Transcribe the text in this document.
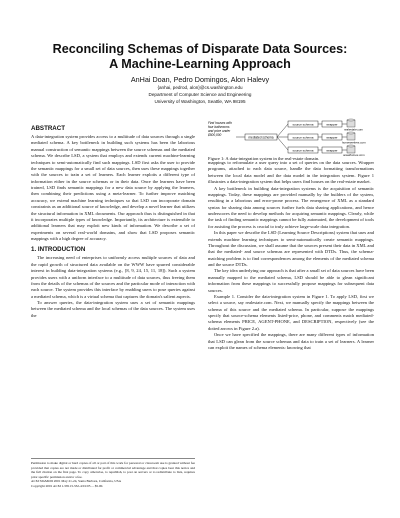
Reconciling Schemas of Disparate Data Sources:
A Machine-Learning Approach
AnHai Doan, Pedro Domingos, Alon Halevy
{anhai, pedrod, alon}@cs.washington.edu
Department of Computer Science and Engineering
University of Washington, Seattle, WA 98195
ABSTRACT

A data-integration system provides access to a multitude of data sources through a single mediated schema. A key bottleneck in building such systems has been the laborious manual construction of semantic mappings between the source schemas and the mediated schema. We describe LSD, a system that employs and extends current machine-learning techniques to semi-automatically find such mappings. LSD first asks the user to provide the semantic mappings for a small set of data sources, then uses these mappings together with the sources to train a set of learners. Each learner exploits a different type of information either in the source schemas or in their data. Once the learners have been trained, LSD finds semantic mappings for a new data source by applying the learners, then combining their predictions using a meta-learner. To further improve matching accuracy, we extend machine learning techniques so that LSD can incorporate domain constraints as an additional source of knowledge, and develop a novel learner that utilizes the structural information in XML documents. Our approach thus is distinguished in that it incorporates multiple types of knowledge. Importantly, its architecture is extensible to additional learners that may exploit new kinds of information. We describe a set of experiments on several real-world domains, and show that LSD proposes semantic mappings with a high degree of accuracy.

1. INTRODUCTION

The increasing need of enterprises to uniformly access multiple sources of data and the rapid growth of structured data available on the WWW have spurred considerable interest in building data-integration systems (e.g., [8, 9, 24, 15, 11, 18]). Such a system provides users with a uniform interface to a multitude of data sources, thus freeing them from the details of the schemas of the sources and the particular mode of interaction with each source. The system provides this interface by enabling users to pose queries against a mediated schema, which is a virtual schema that captures the domain's salient aspects.

To answer queries, the data-integration system uses a set of semantic mappings between the mediated schema and the local schemas of the data sources. The system uses the

Permission to make digital or hard copies of all or part of this work for personal or classroom use is granted without fee provided that copies are not made or distributed for profit or commercial advantage and that copies bear this notice and the full citation on the first page. To copy otherwise, to republish, to post on servers or to redistribute to lists, requires prior specific permission and/or a fee.
ACM SIGMOD 2001 May 21-24, Santa Barbara, California, USA
Copyright 2001 ACM 1-58113-332-4/01/05 ... $5.00.
Find houses with four bathrooms and price under $500,000
mediated schema
source schema
source schema
source schema
wrapper
wrapper
wrapper
realestate.com
homeseekers.com
greathomes.com
Figure 1: A data-integration system in the real-estate domain.

mappings to reformulate a user query into a set of queries on the data sources. Wrapper programs, attached to each data source, handle the data formatting transformations between the local data model and the data model in the integration system. Figure 1 illustrates a data-integration system that helps users find houses on the real-estate market.

A key bottleneck in building data-integration systems is the acquisition of semantic mappings. Today, these mappings are provided manually by the builders of the system, resulting in a laborious and error-prone process. The emergence of XML as a standard syntax for sharing data among sources further fuels data sharing applications, and hence underscores the need to develop methods for acquiring semantic mappings. Clearly, while the task of finding semantic mappings cannot be fully automated, the development of tools for assisting the process is crucial to truly achieve large-scale data integration.

In this paper we describe the LSD (Learning Source Descriptions) system that uses and extends machine learning techniques to semi-automatically create semantic mappings. Throughout the discussion, we shall assume that the sources present their data in XML and that the mediated- and source schemas are represented with DTDs. Thus, the schema-matching problem is to find correspondences among the elements of the mediated schema and the source DTDs.

The key idea underlying our approach is that after a small set of data sources have been manually mapped to the mediated schema, LSD should be able to glean significant information from these mappings to successfully propose mappings for subsequent data sources.

Example 1. Consider the data-integration system in Figure 1. To apply LSD, first we select a source, say realestate.com. Next, we manually specify the mappings between the schema of this source and the mediated schema. In particular, suppose the mappings specify that source-schema elements listed-price, phone, and comments match mediated-schema elements PRICE, AGENT-PHONE, and DESCRIPTION, respectively (see the dotted arrows in Figure 2.a).

Once we have specified the mappings, there are many different types of information that LSD can glean from the source schemas and data to train a set of learners. A learner can exploit the names of schema elements: knowing that
